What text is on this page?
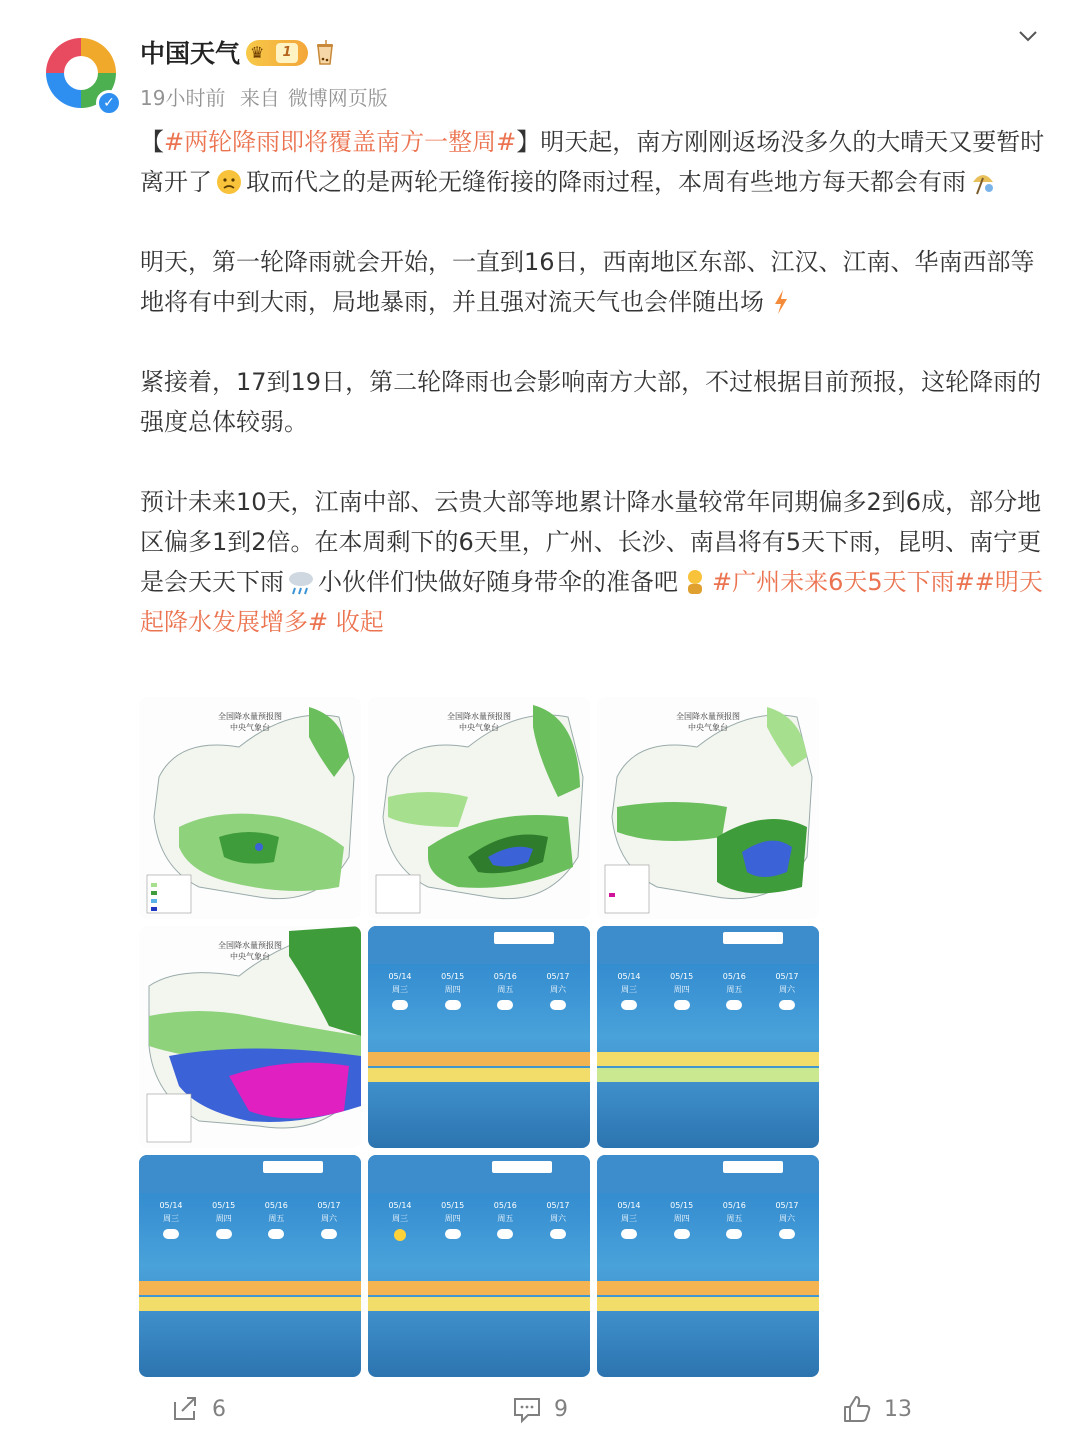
✓
中国天气 ♛	1
19小时前 来自 微博网页版

【#两轮降雨即将覆盖南方一整周#】明天起，南方刚刚返场没多久的大晴天又要暂时离开了 取而代之的是两轮无缝衔接的降雨过程，本周有些地方每天都会有雨

明天，第一轮降雨就会开始，一直到16日，西南地区东部、江汉、江南、华南西部等地将有中到大雨，局地暴雨，并且强对流天气也会伴随出场

紧接着，17到19日，第二轮降雨也会影响南方大部，不过根据目前预报，这轮降雨的强度总体较弱。

预计未来10天，江南中部、云贵大部等地累计降水量较常年同期偏多2到6成，部分地区偏多1到2倍。在本周剩下的6天里，广州、长沙、南昌将有5天下雨，昆明、南宁更是会天天下雨 小伙伴们快做好随身带伞的准备吧 #广州未来6天5天下雨##明天起降水发展增多# 收起

全国降水量预报图
中央气象台
全国降水量预报图
中央气象台
全国降水量预报图
中央气象台
全国降水量预报图
中央气象台
05/14
周三
05/15
周四
05/16
周五
05/17
周六
05/14
周三
05/15
周四
05/16
周五
05/17
周六
05/14
周三
05/15
周四
05/16
周五
05/17
周六
05/14
周三
05/15
周四
05/16
周五
05/17
周六
05/14
周三
05/15
周四
05/16
周五
05/17
周六
6	9	13
